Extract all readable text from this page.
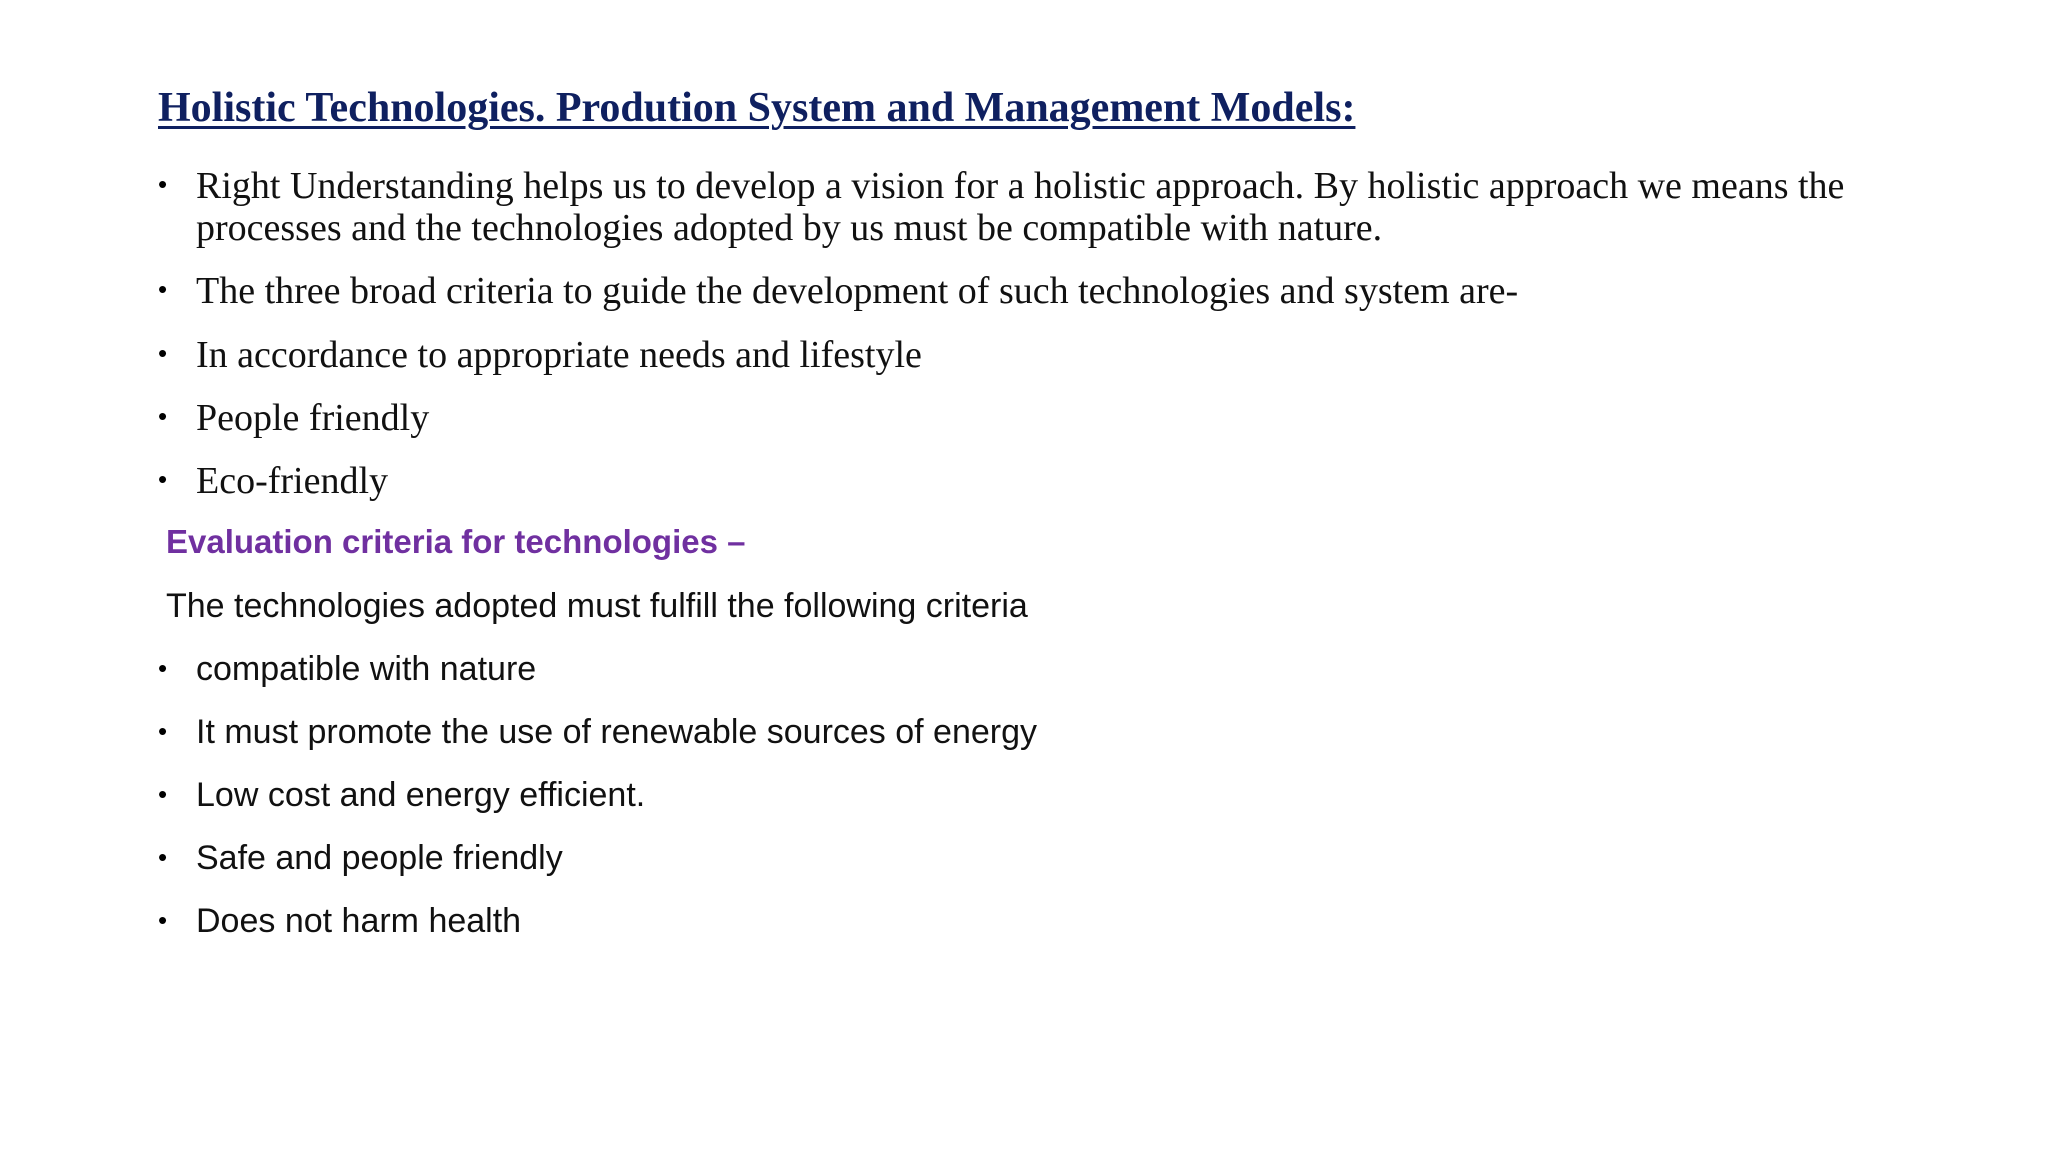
Holistic Technologies. Prodution System and Management Models:
• Right Understanding helps us to develop a vision for a holistic approach. By holistic approach we means the processes and the technologies adopted by us must be compatible with nature.
• The three broad criteria to guide the development of such technologies and system are-
• In accordance to appropriate needs and lifestyle
• People friendly
• Eco-friendly
Evaluation criteria for technologies –
The technologies adopted must fulfill the following criteria
• compatible with nature
• It must promote the use of renewable sources of energy
• Low cost and energy efficient.
• Safe and people friendly
• Does not harm health
